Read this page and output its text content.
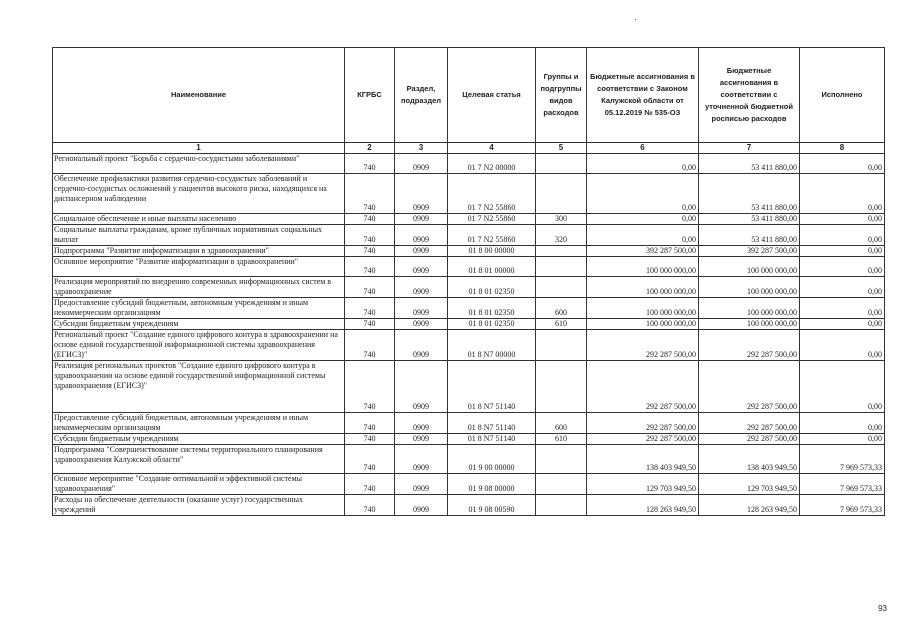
Наименование	КГРБС	Раздел, подраздел	Целевая статья	Группы и подгруппы видов расходов	Бюджетные ассигнования в соответствии с Законом Калужской области от 05.12.2019 № 535-ОЗ	Бюджетные ассигнования в соответствии с уточненной бюджетной росписью расходов	Исполнено
1	2	3	4	5	6	7	8
Региональный проект "Борьба с сердечно-сосудистыми заболеваниями"	740	0909	01 7 N2 00000		0,00	53 411 880,00	0,00
Обеспечение профилактики развития сердечно-сосудистых заболеваний и сердечно-сосудистых осложнений у пациентов высокого риска, находящихся на диспансерном наблюдении	740	0909	01 7 N2 55860		0,00	53 411 880,00	0,00
Социальное обеспечение и иные выплаты населению	740	0909	01 7 N2 55860	300	0,00	53 411 880,00	0,00
Социальные выплаты гражданам, кроме публичных нормативных социальных выплат	740	0909	01 7 N2 55860	320	0,00	53 411 880,00	0,00
Подпрограмма "Развитие информатизации в здравоохранении"	740	0909	01 8 00 00000		392 287 500,00	392 287 500,00	0,00
Основное мероприятие "Развитие информатизации в здравоохранении"	740	0909	01 8 01 00000		100 000 000,00	100 000 000,00	0,00
Реализация мероприятий по внедрению современных информационных систем в здравоохранение	740	0909	01 8 01 02350		100 000 000,00	100 000 000,00	0,00
Предоставление субсидий бюджетным, автономным учреждениям и иным некоммерческим организациям	740	0909	01 8 01 02350	600	100 000 000,00	100 000 000,00	0,00
Субсидии бюджетным учреждениям	740	0909	01 8 01 02350	610	100 000 000,00	100 000 000,00	0,00
Региональный проект "Создание единого цифрового контура в здравоохранении на основе единой государственной информационной системы здравоохранения (ЕГИСЗ)"	740	0909	01 8 N7 00000		292 287 500,00	292 287 500,00	0,00
Реализация региональных проектов "Создание единого цифрового контура в здравоохранении на основе единой государственной информационной системы здравоохранения (ЕГИСЗ)"	740	0909	01 8 N7 51140		292 287 500,00	292 287 500,00	0,00
Предоставление субсидий бюджетным, автономным учреждениям и иным некоммерческим организациям	740	0909	01 8 N7 51140	600	292 287 500,00	292 287 500,00	0,00
Субсидии бюджетным учреждениям	740	0909	01 8 N7 51140	610	292 287 500,00	292 287 500,00	0,00
Подпрограмма "Совершенствование системы территориального планирования здравоохранения Калужской области"	740	0909	01 9 00 00000		138 403 949,50	138 403 949,50	7 969 573,33
Основное мероприятие "Создание оптимальной и эффективной системы здравоохранения"	740	0909	01 9 08 00000		129 703 949,50	129 703 949,50	7 969 573,33
Расходы на обеспечение деятельности (оказание услуг) государственных учреждений	740	0909	01 9 08 00590		128 263 949,50	128 263 949,50	7 969 573,33
93
